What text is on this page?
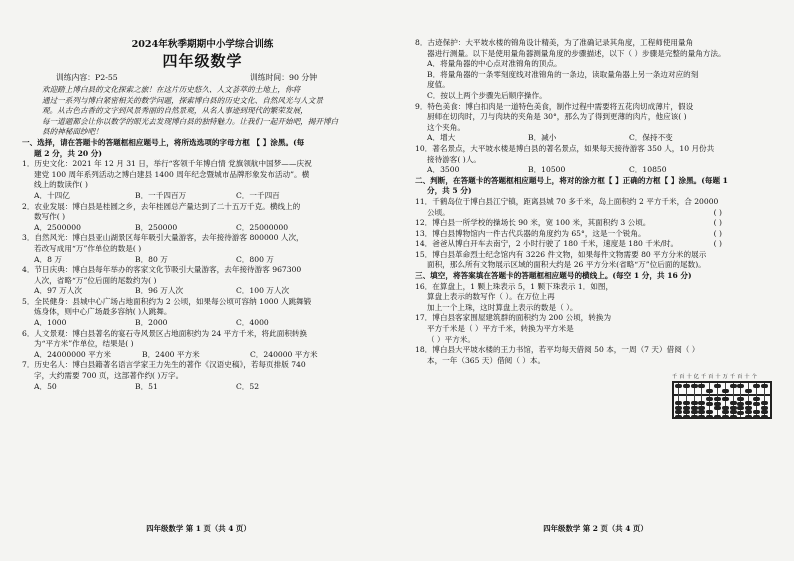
2024年秋季期期中小学综合训练
四年级数学
训练内容：P2-55	训练时间：90 分钟
欢迎踏上博白县的文化探索之旅！在这片历史悠久、人文荟萃的土地上，你将
通过一系列与博白紧密相关的数学问题，探索博白县的历史文化、自然风光与人文景
观。从古色古香的文字到风景秀丽的自然景观，从名人事迹到现代的繁荣发展，
每一道题都会让你以数学的眼光去发现博白县的独特魅力。让我们一起开始吧，揭开博白
县的神秘面纱吧！
一、选择，请在答题卡的答题框相应题号上，将所选选项的字母方框 【 】涂黑。(每
题 2 分，共 20 分)
1．历史文化：2021 年 12 月 31 日，举行“客领千年博白情 党旗领航中国梦——庆祝
建党 100 周年系列活动之博白建县 1400 周年纪念暨城市品牌形象发布活动”。横
线上的数读作( )
A．十四亿	B．一千四百万	C．一千四百
2．农业发展：博白县是桂圆之乡，去年桂圆总产量达到了二十五万千克。横线上的
数写作( )
A．2500000	B．250000	C．25000000
3．自然风光：博白县亚山湖景区每年吸引大量游客，去年接待游客 800000 人次，
若改写成用“万”作单位的数是( )
A．8 万	B．80 万	C．800 万
4．节日庆典：博白县每年举办的客家文化节吸引大量游客，去年接待游客 967300
人次，省略“万”位后面的尾数约为( )
A．97 万人次	B．96 万人次	C．100 万人次
5．全民健身：县城中心广场占地面积约为 2 公顷，如果每公顷可容纳 1000 人跳舞锻
炼身体，则中心广场最多容纳( )人跳舞。
A．1000	B．2000	C．4000
6．人文景观：博白县著名的宴石寺风景区占地面积约为 24 平方千米，将此面积转换
为“平方米”作单位，结果是( )
A．24000000 平方米	B．2400 平方米	C．240000 平方米
7．历史名人：博白县籍著名语言学家王力先生的著作《汉语史稿》，若每页排版 740
字，大约需要 700 页，这部著作约( )万字。
A．50	B．51	C．52
四年级数学 第 1 页（共 4 页）
8．古迹保护：大平坡水楼的锦角设计精美，为了准确记录其角度，工程师使用量角
器进行测量。以下是使用量角器测量角度的步骤描述，以下（ ）步骤是完整的量角方法。
A．将量角器的中心点对准锦角的顶点。
B．将量角器的一条零刻度线对准锦角的一条边，读取量角器上另一条边对应的刻
度值。
C．按以上两个步骤先后顺序操作。
9．特色美食：博白扣肉是一道特色美食，制作过程中需要将五花肉切成薄片，假设
厨师在切肉时，刀与肉块的夹角是 30°，那么为了得到更薄的肉片，他应该( )
这个夹角。
A．增大	B．减小	C．保持不变
10．著名景点，大平坡水楼是博白县的著名景点，如果每天接待游客 350 人，10 月份共
接待游客( )人。
A．3500	B．10500	C．10850
二、判断，在答题卡的答题框相应题号上，将对的涂方框【 】正确的方框【 】涂黑。(每题 1
分，共 5 分)
11．千鹤岛位于博白县江宁镇，距离县城 70 多千米，岛上面积约 2 平方千米，合 20000
公顷。	( )
12．博白县一所学校的操场长 90 米，宽 100 米，其面积约 3 公顷。	( )
13．博白县博物馆内一件古代兵器的角度约为 65°，这是一个锐角。	( )
14．爸爸从博白开车去南宁，2 小时行驶了 180 千米，速度是 180 千米/时。	( )
15．博白县革命烈士纪念馆内有 3226 件文物，如果每件文物需要 80 平方分米的展示
面积，那么所有文物展示区域的面积大约是 26 平方分米(省略“万”位后面的尾数)。
三、填空，将答案填在答题卡的答题框相应题号的横线上。(每空 1 分，共 16 分)
16．在算盘上，1 颗上珠表示 5，1 颗下珠表示 1．如图，
算盘上表示的数写作（ ）。在万位上再
加上一个上珠，这时算盘上表示的数是（ ）。
17．博白县客家围屋建筑群的面积约为 200 公顷，转换为
平方千米是（ ）平方千米，转换为平方米是
（ ）平方米。
18．博白县大平坡水楼的王力书馆，若平均每天借阅 50 本，一周（7 天）借阅（ ）
本，一年（365 天）借阅（ ）本。
千 百 十 亿 千 百 十 万 千 百 十 个
四年级数学 第 2 页（共 4 页）
